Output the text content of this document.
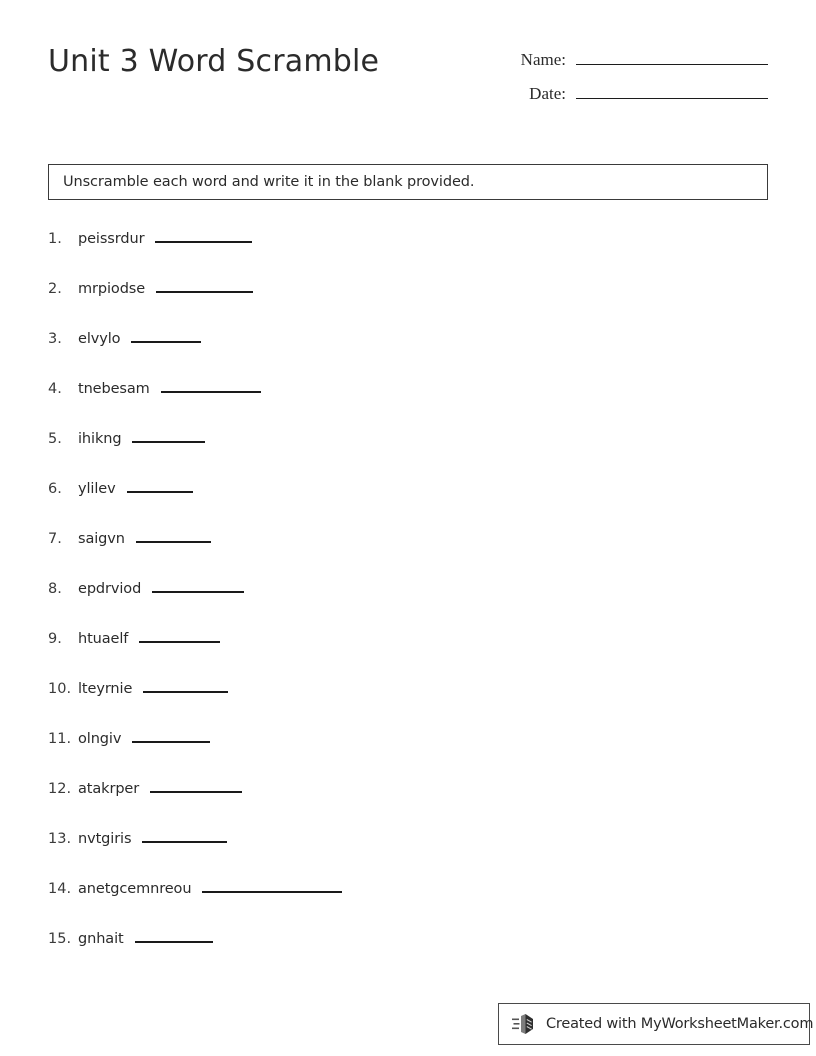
Unit 3 Word Scramble	Name:
Date:
Unscramble each word and write it in the blank provided.
1.	peissrdur
2.	mrpiodse
3.	elvylo
4.	tnebesam
5.	ihikng
6.	ylilev
7.	saigvn
8.	epdrviod
9.	htuaelf
10. lteyrnie
11. olngiv
12. atakrper
13. nvtgiris
14. anetgcemnreou
15. gnhait
Created with MyWorksheetMaker.com
